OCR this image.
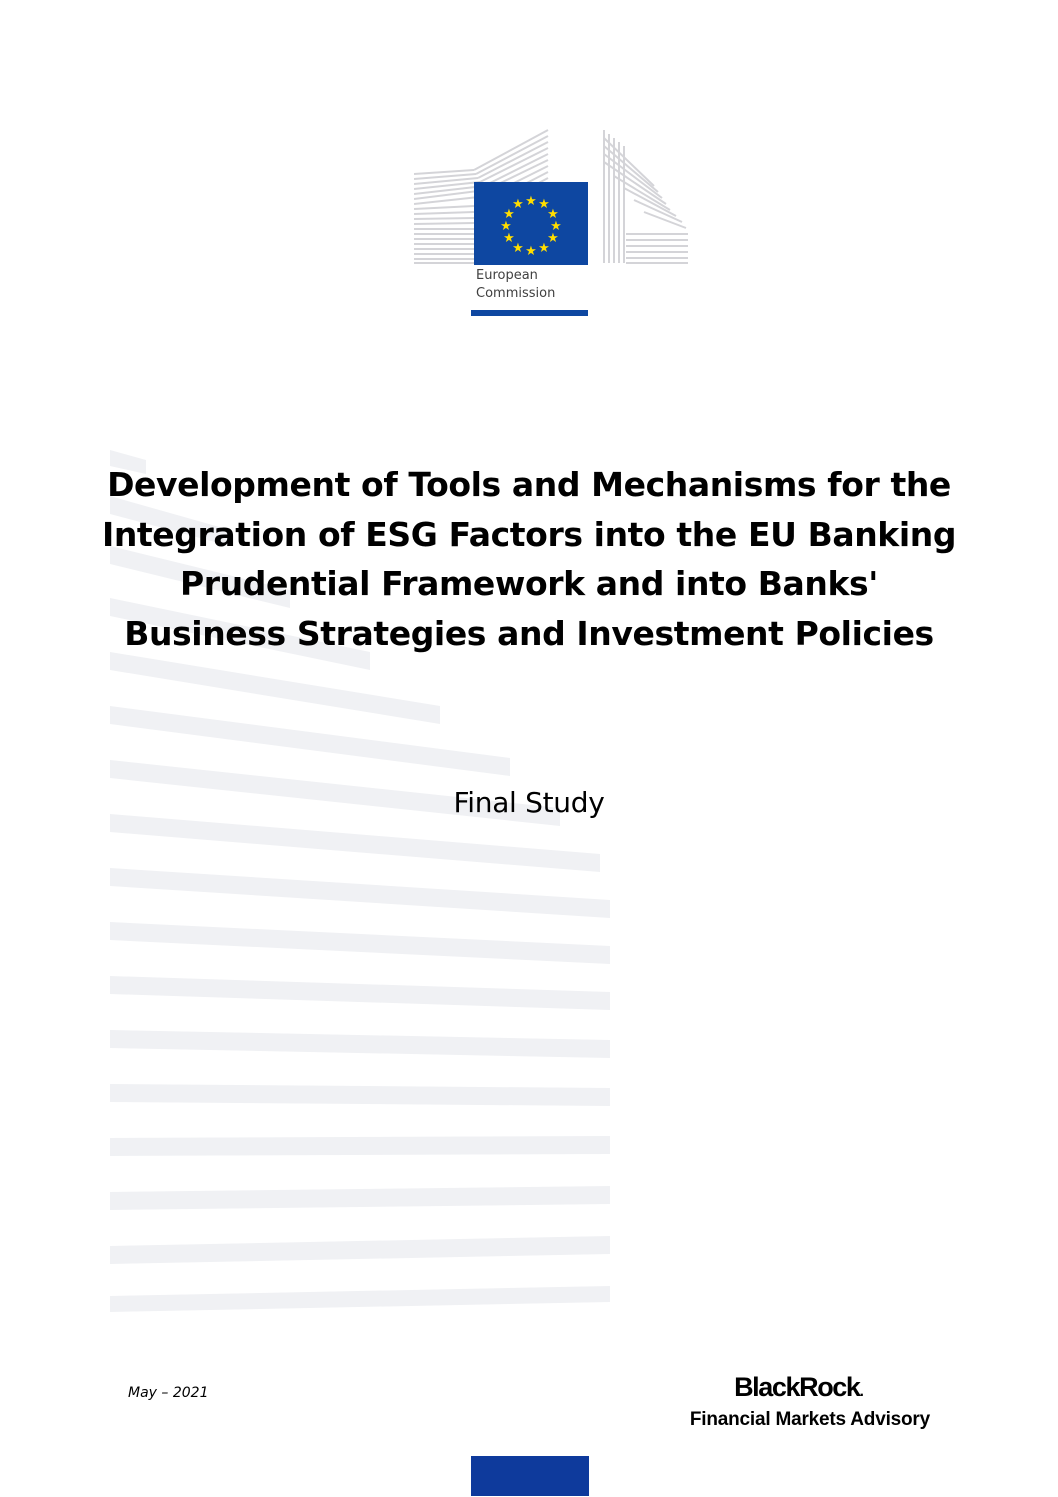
★ ★
★
★
★
★
★
★
★
★
★
★
European
Commission
Development of Tools and Mechanisms for the Integration of ESG Factors into the EU Banking Prudential Framework and into Banks' Business Strategies and Investment Policies
Final Study
May – 2021	BlackRock.
Financial Markets Advisory
